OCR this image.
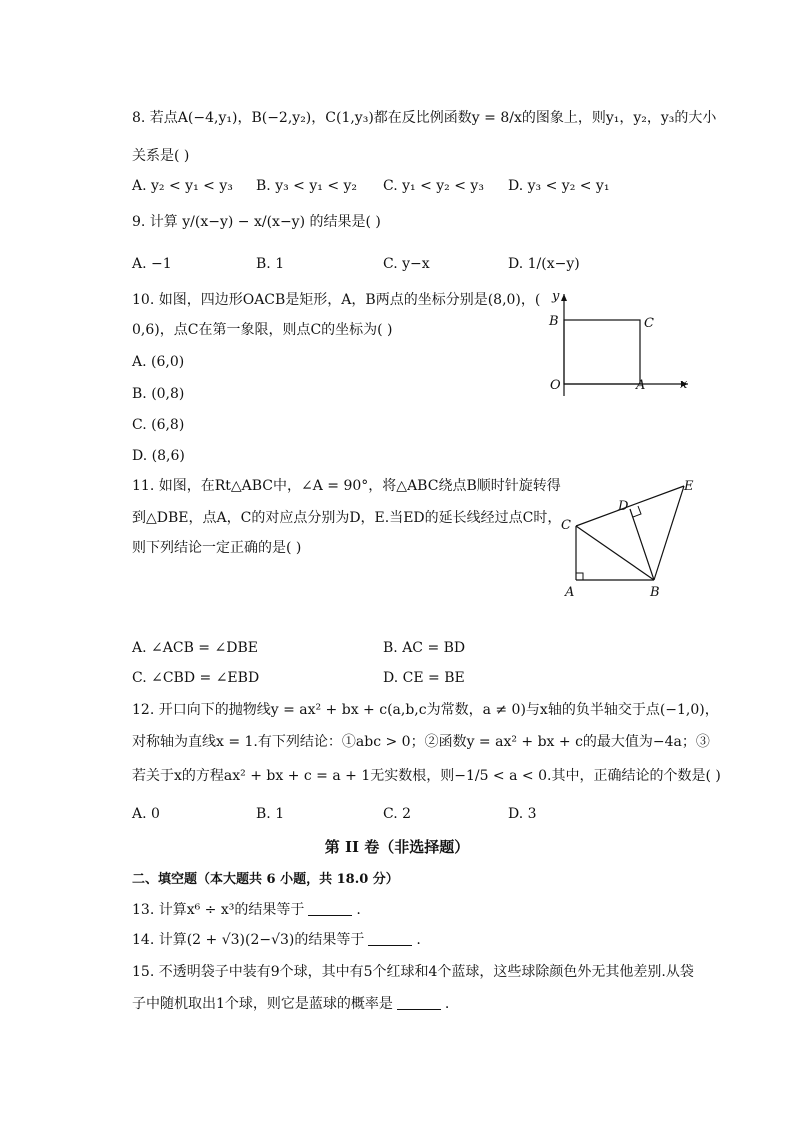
8. 若点A(−4,y₁)，B(−2,y₂)，C(1,y₃)都在反比例函数y = 8/x的图象上，则y₁，y₂，y₃的大小
关系是( )
A. y₂ < y₁ < y₃ B. y₃ < y₁ < y₂ C. y₁ < y₂ < y₃ D. y₃ < y₂ < y₁
9. 计算 y/(x−y) − x/(x−y) 的结果是( )
A. −1	B. 1	C. y−x	D. 1/(x−y)
10. 如图，四边形OACB是矩形，A，B两点的坐标分别是(8,0)，(
0,6)，点C在第一象限，则点C的坐标为( )
A. (6,0)
B. (0,8)
C. (6,8)
D. (8,6)
y
x
B	C
O	A
11. 如图，在Rt△ABC中，∠A = 90°，将△ABC绕点B顺时针旋转得
到△DBE，点A，C的对应点分别为D，E.当ED的延长线经过点C时，
则下列结论一定正确的是( )
E
D
C
A	B
A. ∠ACB = ∠DBE	B. AC = BD
C. ∠CBD = ∠EBD	D. CE = BE
12. 开口向下的抛物线y = ax² + bx + c(a,b,c为常数，a ≠ 0)与x轴的负半轴交于点(−1,0)，
对称轴为直线x = 1.有下列结论：①abc > 0；②函数y = ax² + bx + c的最大值为−4a；③
若关于x的方程ax² + bx + c = a + 1无实数根，则−1/5 < a < 0.其中，正确结论的个数是( )
A. 0	B. 1	C. 2	D. 3
第 II 卷（非选择题）
二、填空题（本大题共 6 小题，共 18.0 分）
13. 计算x⁶ ÷ x³的结果等于	.
14. 计算(2 + √3)(2−√3)的结果等于	.
15. 不透明袋子中装有9个球，其中有5个红球和4个蓝球，这些球除颜色外无其他差别.从袋
子中随机取出1个球，则它是蓝球的概率是	.
